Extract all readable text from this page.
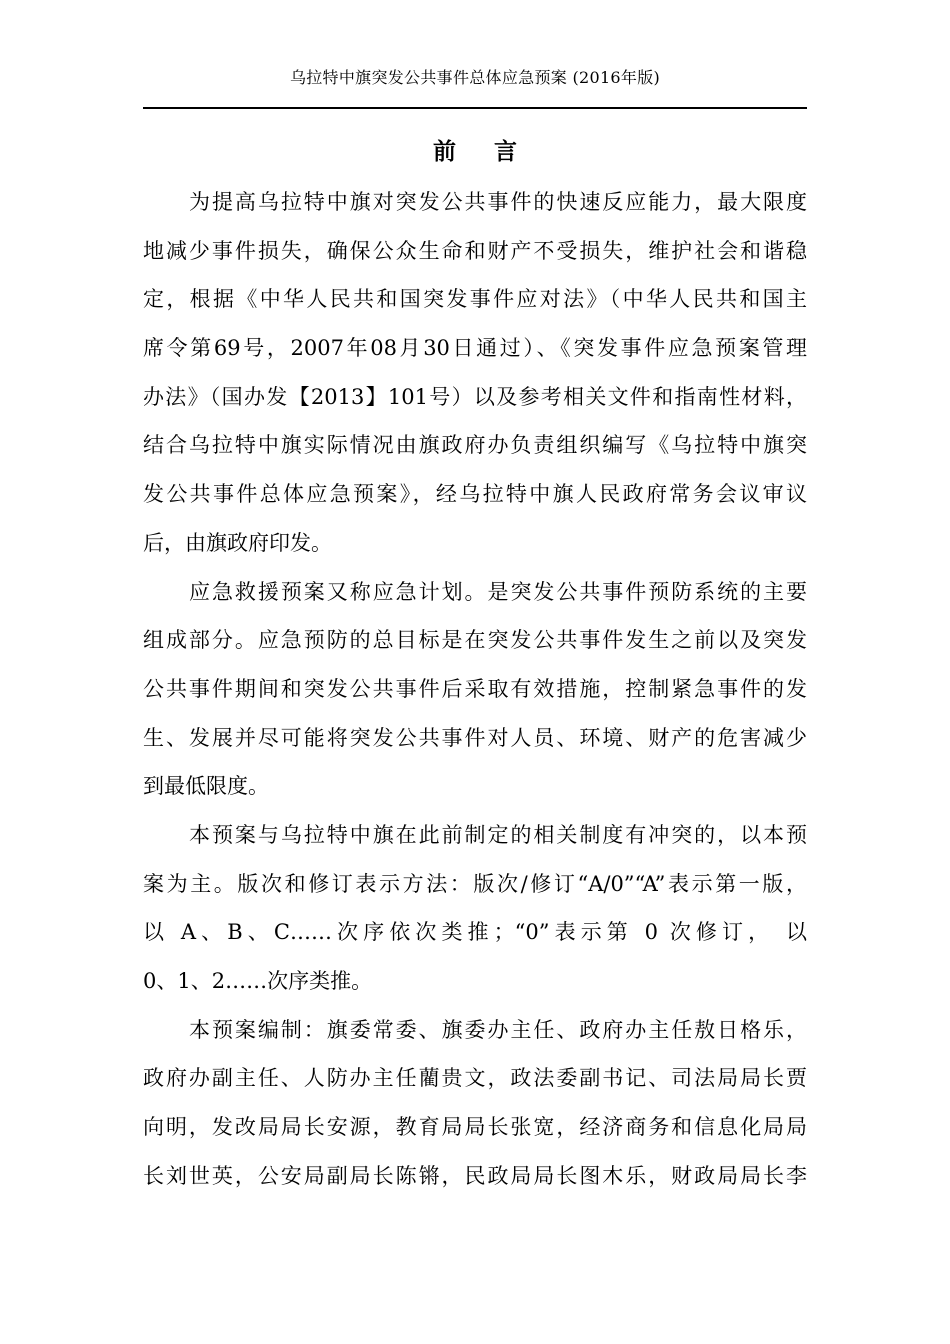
乌拉特中旗突发公共事件总体应急预案 (2016年版)
前言
为提高乌拉特中旗对突发公共事件的快速反应能力，最大限度
地减少事件损失，确保公众生命和财产不受损失，维护社会和谐稳
定，根据《中华人民共和国突发事件应对法》（中华人民共和国主
席令第69号，2007年08月30日通过）、《突发事件应急预案管理
办法》（国办发【2013】101号）以及参考相关文件和指南性材料，
结合乌拉特中旗实际情况由旗政府办负责组织编写《乌拉特中旗突
发公共事件总体应急预案》，经乌拉特中旗人民政府常务会议审议
后，由旗政府印发。
应急救援预案又称应急计划。是突发公共事件预防系统的主要
组成部分。应急预防的总目标是在突发公共事件发生之前以及突发
公共事件期间和突发公共事件后采取有效措施，控制紧急事件的发
生、发展并尽可能将突发公共事件对人员、环境、财产的危害减少
到最低限度。
本预案与乌拉特中旗在此前制定的相关制度有冲突的，以本预
案为主。版次和修订表示方法：版次/修订“A/0”“A”表示第一版，
以 A、B、C……次序依次类推；“0”表示第 0 次修订， 以
0、1、2……次序类推。
本预案编制：旗委常委、旗委办主任、政府办主任敖日格乐，
政府办副主任、人防办主任藺贵文，政法委副书记、司法局局长贾
向明，发改局局长安源，教育局局长张宽，经济商务和信息化局局
长刘世英，公安局副局长陈锵，民政局局长图木乐，财政局局长李
